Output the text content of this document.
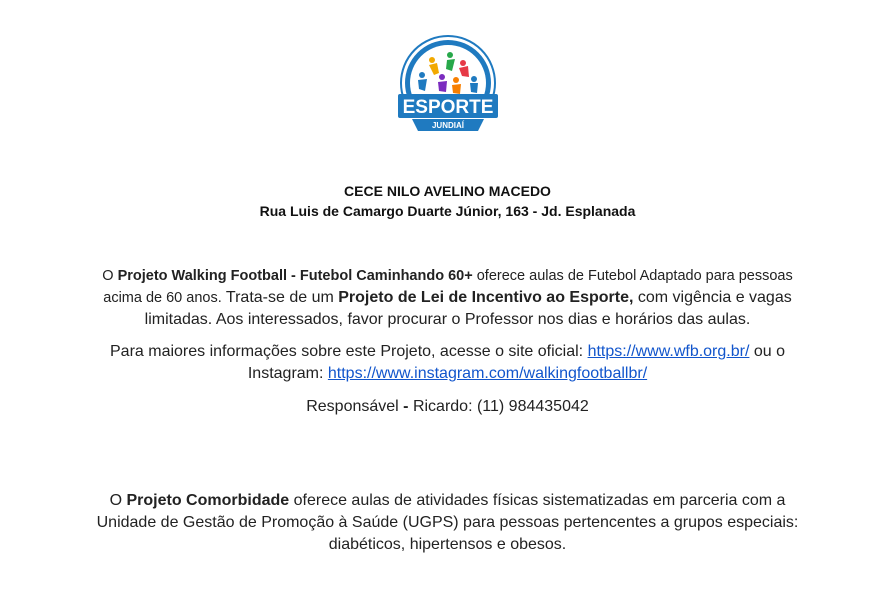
ESPORTE
JUNDIAÍ
CECE NILO AVELINO MACEDO
Rua Luis de Camargo Duarte Júnior, 163 - Jd. Esplanada
O Projeto Walking Football - Futebol Caminhando 60+ oferece aulas de Futebol Adaptado para pessoas
acima de 60 anos. Trata-se de um Projeto de Lei de Incentivo ao Esporte, com vigência e vagas
limitadas. Aos interessados, favor procurar o Professor nos dias e horários das aulas.
Para maiores informações sobre este Projeto, acesse o site oficial: https://www.wfb.org.br/ ou o
Instagram: https://www.instagram.com/walkingfootballbr/
Responsável - Ricardo: (11) 984435042
O Projeto Comorbidade oferece aulas de atividades físicas sistematizadas em parceria com a
Unidade de Gestão de Promoção à Saúde (UGPS) para pessoas pertencentes a grupos especiais:
diabéticos, hipertensos e obesos.
